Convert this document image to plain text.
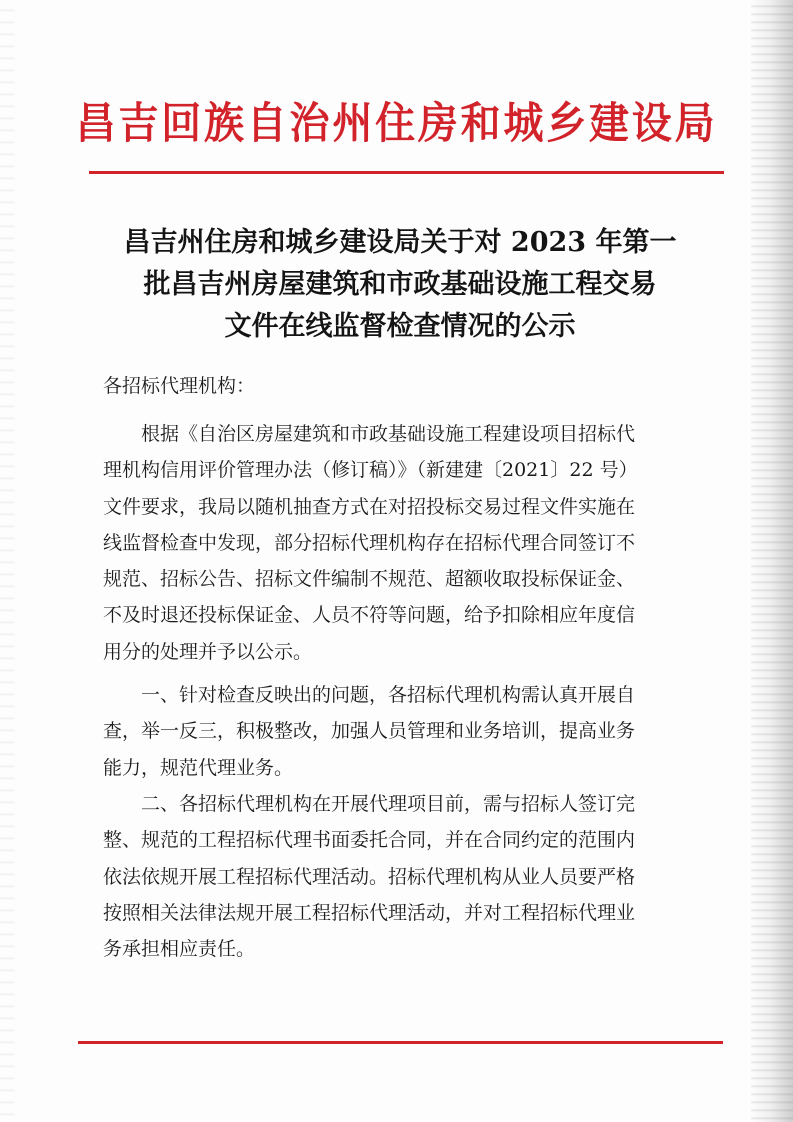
昌吉回族自治州住房和城乡建设局
昌吉州住房和城乡建设局关于对 2023 年第一
批昌吉州房屋建筑和市政基础设施工程交易
文件在线监督检查情况的公示
各招标代理机构：
根据《自治区房屋建筑和市政基础设施工程建设项目招标代
理机构信用评价管理办法（修订稿）》（新建建〔2021〕22 号）
文件要求，我局以随机抽查方式在对招投标交易过程文件实施在
线监督检查中发现，部分招标代理机构存在招标代理合同签订不
规范、招标公告、招标文件编制不规范、超额收取投标保证金、
不及时退还投标保证金、人员不符等问题，给予扣除相应年度信
用分的处理并予以公示。
一、针对检查反映出的问题，各招标代理机构需认真开展自
查，举一反三，积极整改，加强人员管理和业务培训，提高业务
能力，规范代理业务。
二、各招标代理机构在开展代理项目前，需与招标人签订完
整、规范的工程招标代理书面委托合同，并在合同约定的范围内
依法依规开展工程招标代理活动。招标代理机构从业人员要严格
按照相关法律法规开展工程招标代理活动，并对工程招标代理业
务承担相应责任。
